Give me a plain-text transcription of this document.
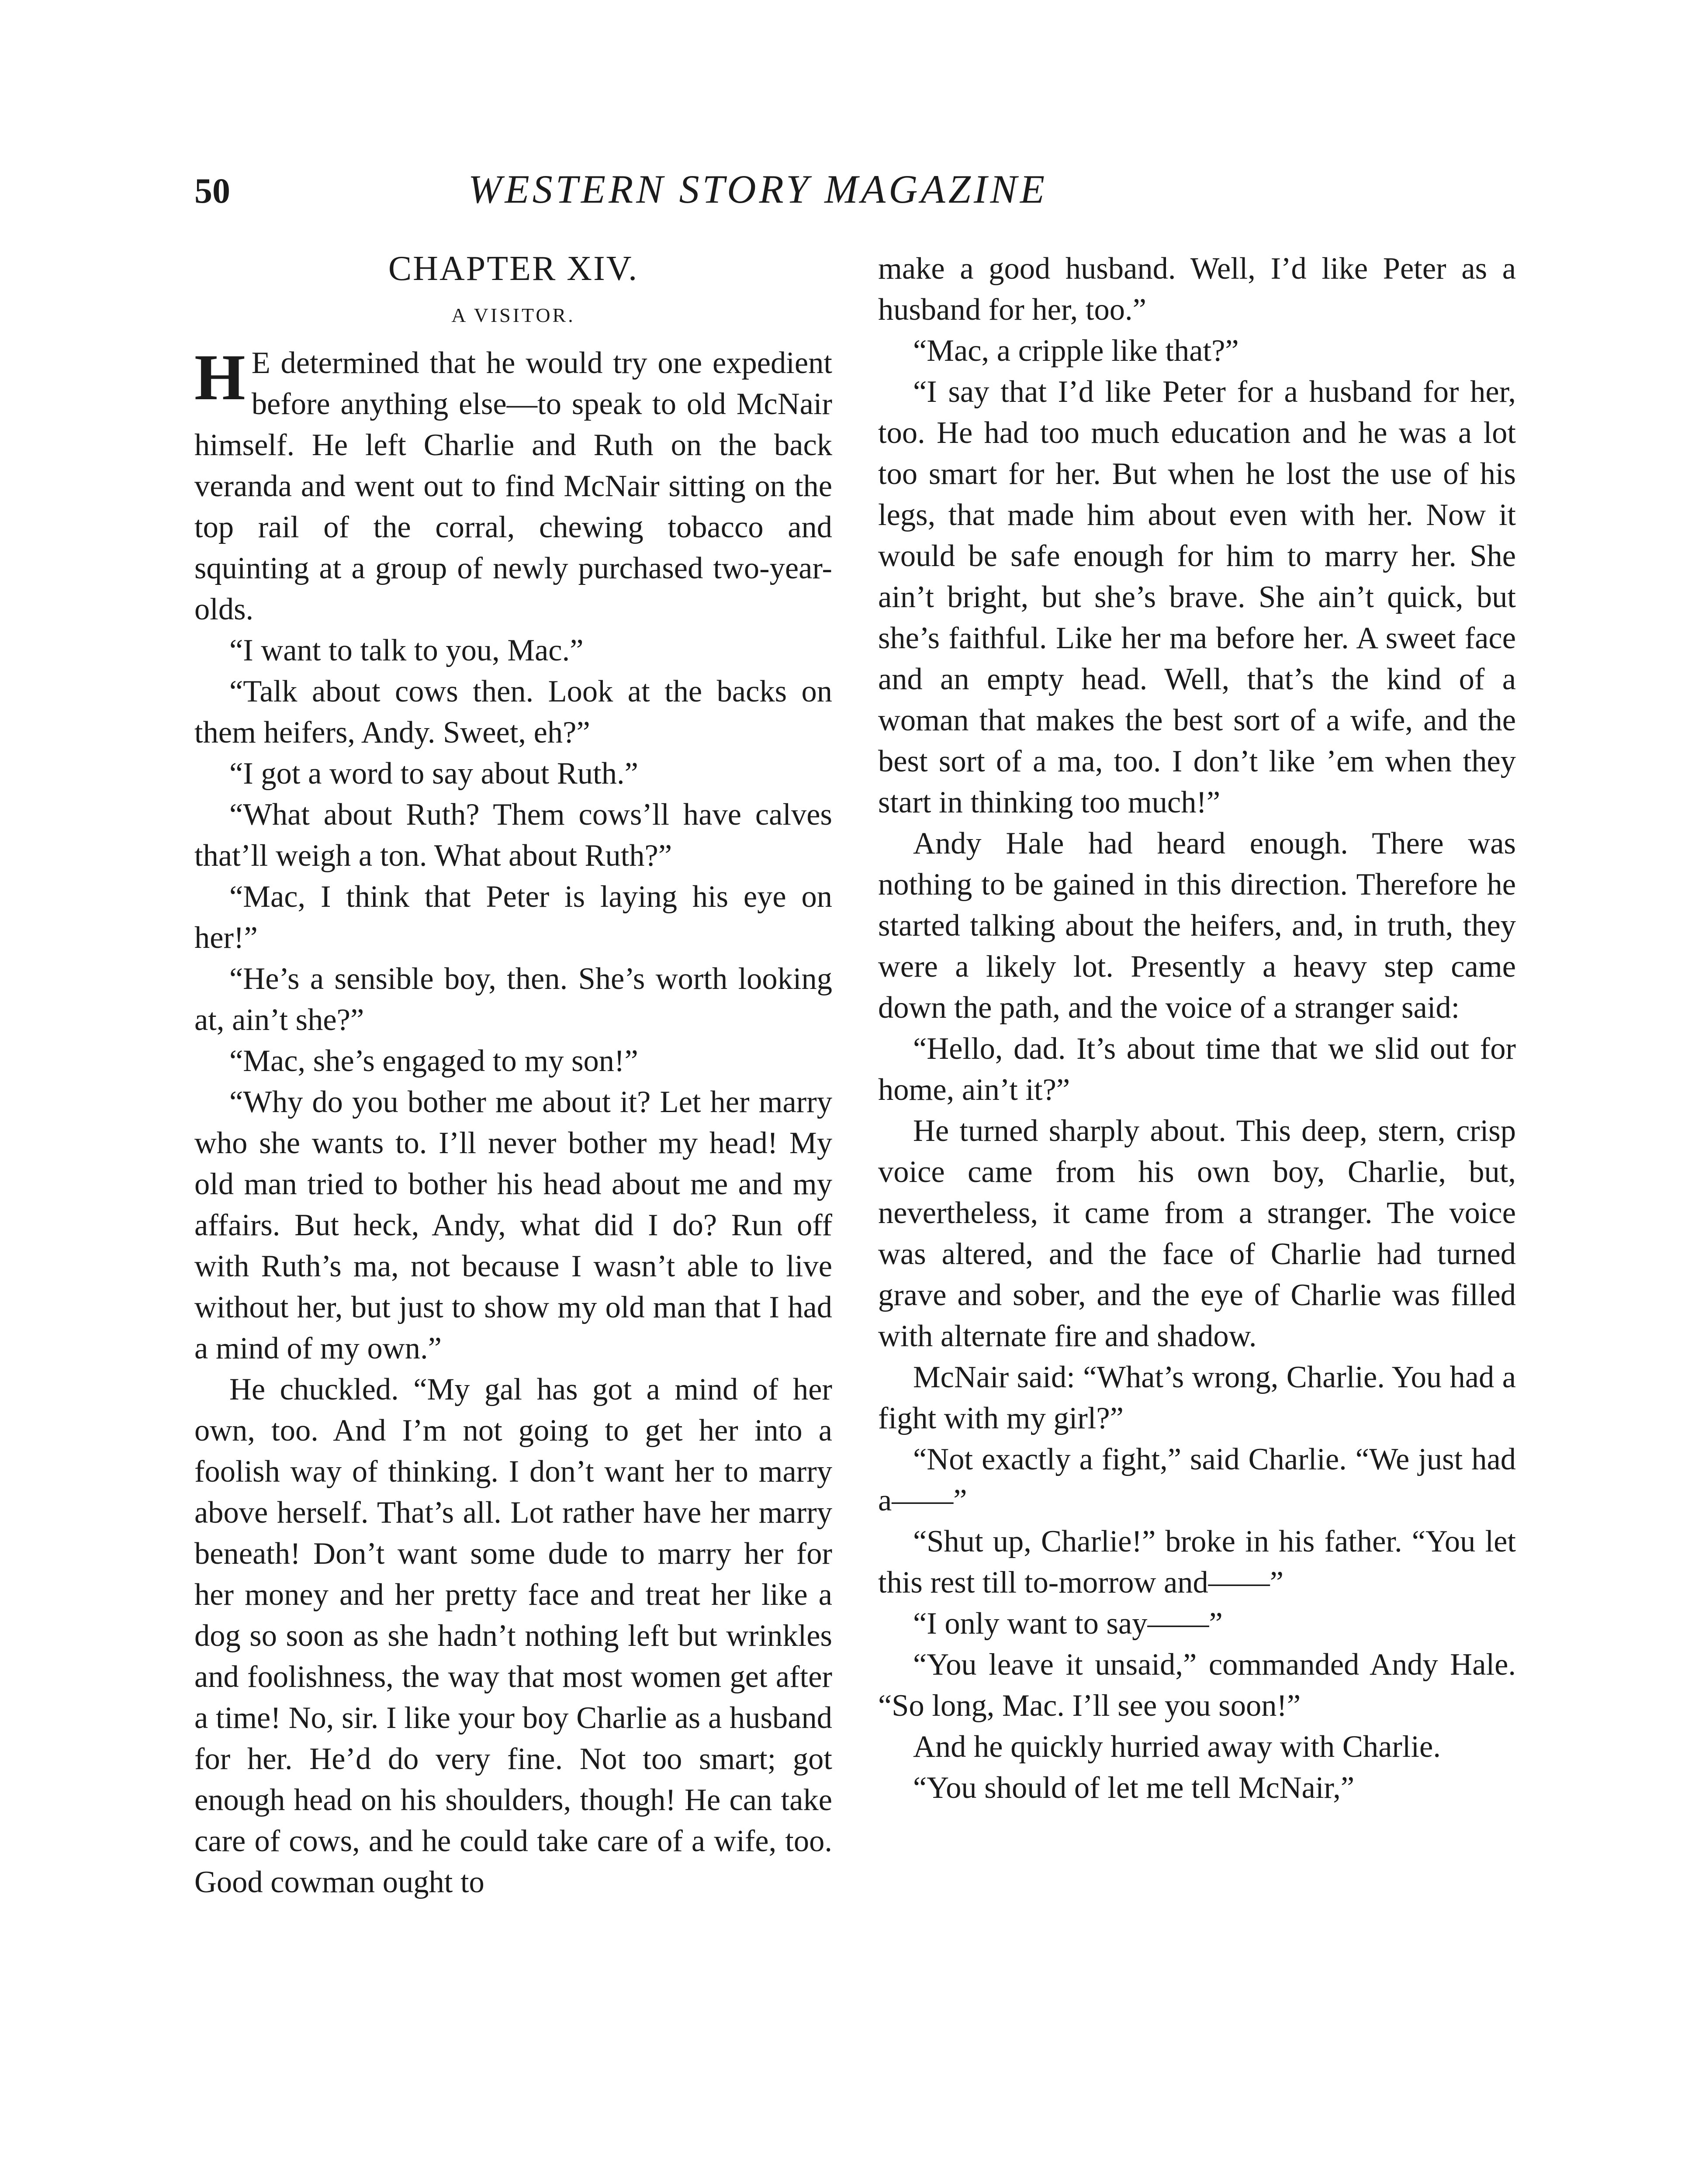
50	WESTERN STORY MAGAZINE
CHAPTER XIV.
A VISITOR.

H E determined that he would try one expedient before anything else—to speak to old McNair himself. He left Charlie and Ruth on the back veranda and went out to find McNair sitting on the top rail of the corral, chewing tobacco and squinting at a group of newly purchased two-year-olds.

“I want to talk to you, Mac.”

“Talk about cows then. Look at the backs on them heifers, Andy. Sweet, eh?”

“I got a word to say about Ruth.”

“What about Ruth? Them cows’ll have calves that’ll weigh a ton. What about Ruth?”

“Mac, I think that Peter is laying his eye on her!”

“He’s a sensible boy, then. She’s worth looking at, ain’t she?”

“Mac, she’s engaged to my son!”

“Why do you bother me about it? Let her marry who she wants to. I’ll never bother my head! My old man tried to bother his head about me and my affairs. But heck, Andy, what did I do? Run off with Ruth’s ma, not because I wasn’t able to live without her, but just to show my old man that I had a mind of my own.”

He chuckled. “My gal has got a mind of her own, too. And I’m not going to get her into a foolish way of thinking. I don’t want her to marry above herself. That’s all. Lot rather have her marry beneath! Don’t want some dude to marry her for her money and her pretty face and treat her like a dog so soon as she hadn’t nothing left but wrinkles and foolishness, the way that most women get after a time! No, sir. I like your boy Charlie as a husband for her. He’d do very fine. Not too smart; got enough head on his shoulders, though! He can take care of cows, and he could take care of a wife, too. Good cowman ought to

make a good husband. Well, I’d like Peter as a husband for her, too.”

“Mac, a cripple like that?”

“I say that I’d like Peter for a husband for her, too. He had too much education and he was a lot too smart for her. But when he lost the use of his legs, that made him about even with her. Now it would be safe enough for him to marry her. She ain’t bright, but she’s brave. She ain’t quick, but she’s faithful. Like her ma before her. A sweet face and an empty head. Well, that’s the kind of a woman that makes the best sort of a wife, and the best sort of a ma, too. I don’t like ’em when they start in thinking too much!”

Andy Hale had heard enough. There was nothing to be gained in this direction. Therefore he started talking about the heifers, and, in truth, they were a likely lot. Presently a heavy step came down the path, and the voice of a stranger said:

“Hello, dad. It’s about time that we slid out for home, ain’t it?”

He turned sharply about. This deep, stern, crisp voice came from his own boy, Charlie, but, nevertheless, it came from a stranger. The voice was altered, and the face of Charlie had turned grave and sober, and the eye of Charlie was filled with alternate fire and shadow.

McNair said: “What’s wrong, Charlie. You had a fight with my girl?”

“Not exactly a fight,” said Charlie. “We just had a——”

“Shut up, Charlie!” broke in his father. “You let this rest till to-morrow and——”

“I only want to say——”

“You leave it unsaid,” commanded Andy Hale. “So long, Mac. I’ll see you soon!”

And he quickly hurried away with Charlie.

“You should of let me tell McNair,”
